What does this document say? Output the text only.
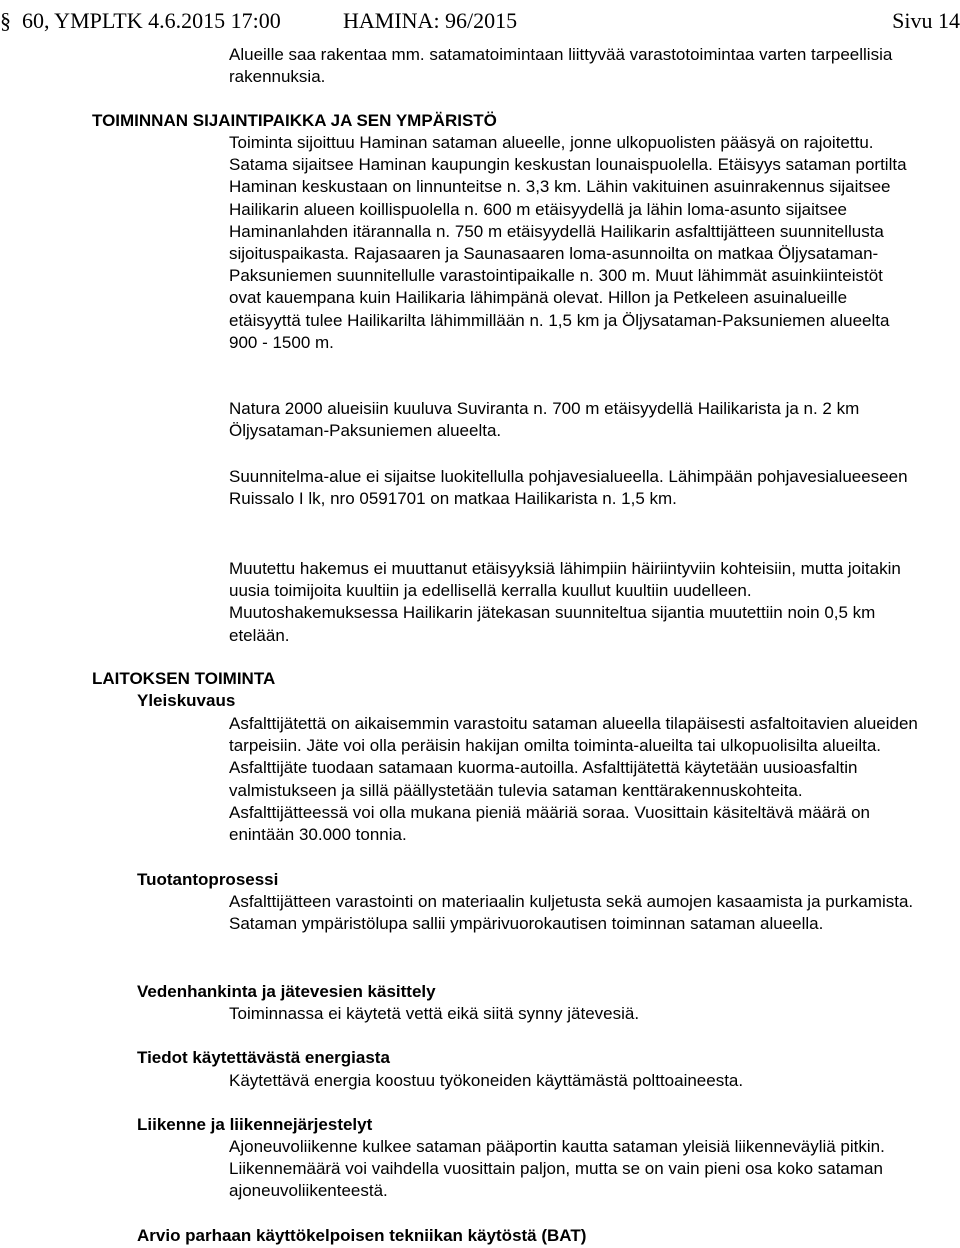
§ 60, YMPLTK 4.6.2015 17:00	HAMINA: 96/2015	Sivu 14

Alueille saa rakentaa mm. satamatoimintaan liittyvää varastotoimintaa varten tarpeellisia rakennuksia.

TOIMINNAN SIJAINTIPAIKKA JA SEN YMPÄRISTÖ

Toiminta sijoittuu Haminan sataman alueelle, jonne ulkopuolisten pääsyä on rajoitettu. Satama sijaitsee Haminan kaupungin keskustan lounaispuolella. Etäisyys sataman portilta Haminan keskustaan on linnunteitse n. 3,3 km. Lähin vakituinen asuinrakennus sijaitsee Hailikarin alueen koillispuolella n. 600 m etäisyydellä ja lähin loma-asunto sijaitsee Haminanlahden itärannalla n. 750 m etäisyydellä Hailikarin asfalttijätteen suunnitellusta sijoituspaikasta. Rajasaaren ja Saunasaaren loma-asunnoilta on matkaa Öljysataman-Paksuniemen suunnitellulle varastointipaikalle n. 300 m. Muut lähimmät asuinkiinteistöt ovat kauempana kuin Hailikaria lähimpänä olevat. Hillon ja Petkeleen asuinalueille etäisyyttä tulee Hailikarilta lähimmillään n. 1,5 km ja Öljysataman-Paksuniemen alueelta 900 - 1500 m.

Natura 2000 alueisiin kuuluva Suviranta n. 700 m etäisyydellä Hailikarista ja n. 2 km Öljysataman-Paksuniemen alueelta.

Suunnitelma-alue ei sijaitse luokitellulla pohjavesialueella. Lähimpään pohjavesialueeseen Ruissalo I lk, nro 0591701 on matkaa Hailikarista n. 1,5 km.

Muutettu hakemus ei muuttanut etäisyyksiä lähimpiin häiriintyviin kohteisiin, mutta joitakin uusia toimijoita kuultiin ja edellisellä kerralla kuullut kuultiin uudelleen. Muutoshakemuksessa Hailikarin jätekasan suunniteltua sijantia muutettiin noin 0,5 km etelään.

LAITOKSEN TOIMINTA
Yleiskuvaus

Asfalttijätettä on aikaisemmin varastoitu sataman alueella tilapäisesti asfaltoitavien alueiden tarpeisiin. Jäte voi olla peräisin hakijan omilta toiminta-alueilta tai ulkopuolisilta alueilta. Asfalttijäte tuodaan satamaan kuorma-autoilla. Asfalttijätettä käytetään uusioasfaltin valmistukseen ja sillä päällystetään tulevia sataman kenttärakennuskohteita. Asfalttijätteessä voi olla mukana pieniä määriä soraa. Vuosittain käsiteltävä määrä on enintään 30.000 tonnia.

Tuotantoprosessi

Asfalttijätteen varastointi on materiaalin kuljetusta sekä aumojen kasaamista ja purkamista. Sataman ympäristölupa sallii ympärivuorokautisen toiminnan sataman alueella.

Vedenhankinta ja jätevesien käsittely

Toiminnassa ei käytetä vettä eikä siitä synny jätevesiä.

Tiedot käytettävästä energiasta

Käytettävä energia koostuu työkoneiden käyttämästä polttoaineesta.

Liikenne ja liikennejärjestelyt

Ajoneuvoliikenne kulkee sataman pääportin kautta sataman yleisiä liikenneväyliä pitkin. Liikennemäärä voi vaihdella vuosittain paljon, mutta se on vain pieni osa koko sataman ajoneuvoliikenteestä.

Arvio parhaan käyttökelpoisen tekniikan käytöstä (BAT)
